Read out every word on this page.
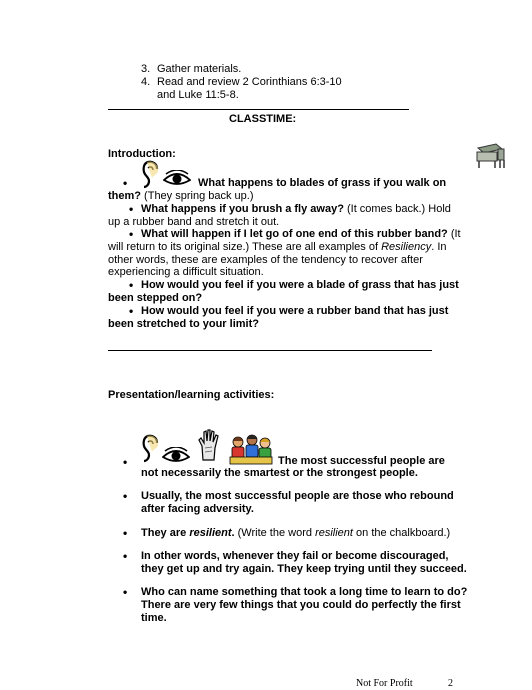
3. Gather materials.
4. Read and review 2 Corinthians 6:3-10
and Luke 11:5-8.
CLASSTIME:
Introduction:
•	What happens to blades of grass if you walk on
them? (They spring back up.)
• What happens if you brush a fly away? (It comes back.) Hold
up a rubber band and stretch it out.
• What will happen if I let go of one end of this rubber band? (It
will return to its original size.) These are all examples of Resiliency. In
other words, these are examples of the tendency to recover after
experiencing a difficult situation.
• How would you feel if you were a blade of grass that has just
been stepped on?
• How would you feel if you were a rubber band that has just
been stretched to your limit?
Presentation/learning activities:
•	The most successful people are
not necessarily the smartest or the strongest people.
• Usually, the most successful people are those who rebound
after facing adversity.
• They are resilient. (Write the word resilient on the chalkboard.)
• In other words, whenever they fail or become discouraged,
they get up and try again. They keep trying until they succeed.
• Who can name something that took a long time to learn to do?
There are very few things that you could do perfectly the first
time.
Not For Profit	2
